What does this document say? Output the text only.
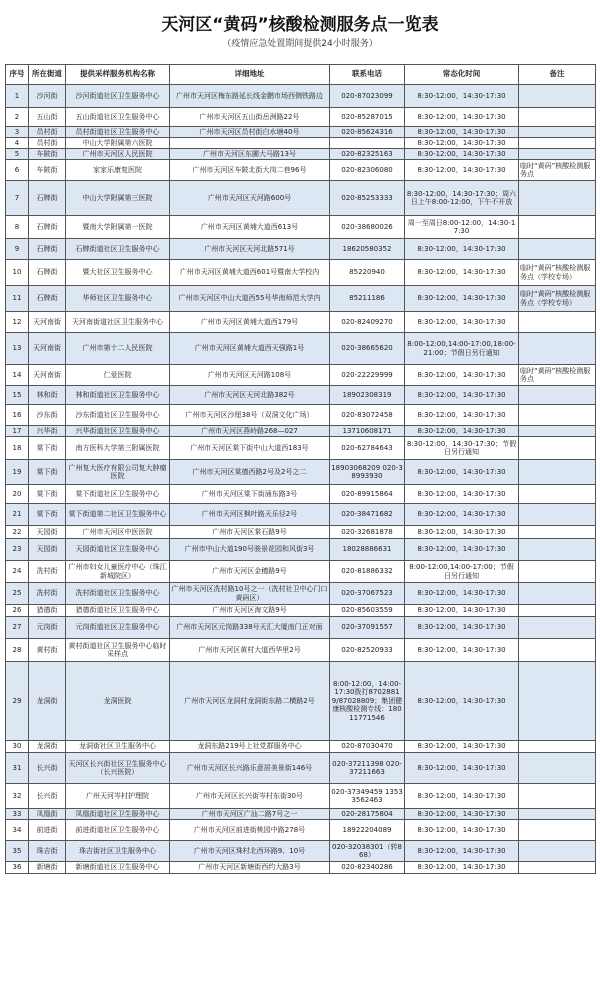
天河区“黄码”核酸检测服务点一览表
（疫情应急处置期间提供24小时服务）
序号	所在街道	提供采样服务机构名称	详细地址	联系电话	常态化时间	备注
1	沙河街	沙河街道社区卫生服务中心	广州市天河区梅东路延长线金鹏市场西侧铁路边	020-87023099	8:30-12:00，14:30-17:30	
2	五山街	五山街道社区卫生服务中心	广州市天河区五山街岳洲路22号	020-85287015	8:30-12:00，14:30-17:30	
3	员村街	员村街道社区卫生服务中心	广州市天河区员村街白水塘40号	020-85624316	8:30-12:00，14:30-17:30	
4	员村街	中山大学附属第六医院			8:30-12:00，14:30-17:30	
5	车陂街	广州市天河区人民医院	广州市天河区东圃大马路13号	020-82325163	8:30-12:00，14:30-17:30	
6	车陂街	家家乐康复医院	广州市天河区车陂北街大岗二巷96号	020-82306080	8:30-12:00，14:30-17:30	临时“黄码”核酸检测服务点
7	石牌街	中山大学附属第三医院	广州市天河区天河路600号	020-85253333	8:30-12:00，14:30-17:30；周六日上午8:00-12:00，下午不开放	
8	石牌街	暨南大学附属第一医院	广州市天河区黄埔大道西613号	020-38680026	周一至周日8:00-12:00，14:30-17:30	
9	石牌街	石牌街道社区卫生服务中心	广州市天河区天河北路571号	18620580352	8:30-12:00，14:30-17:30	
10	石牌街	暨大社区卫生服务中心	广州市天河区黄埔大道西601号暨南大学校内	85220940	8:30-12:00，14:30-17:30	临时“黄码”核酸检测服务点（学校专场）
11	石牌街	华师社区卫生服务中心	广州市天河区中山大道西55号华南师范大学内	85211186	8:30-12:00，14:30-17:30	临时“黄码”核酸检测服务点（学校专场）
12	天河南街	天河南街道社区卫生服务中心	广州市天河区黄埔大道西179号	020-82409270	8:30-12:00，14:30-17:30	
13	天河南街	广州市第十二人民医院	广州市天河区黄埔大道西天强路1号	020-38665620	8:00-12:00,14:00-17:00,18:00-21:00；节假日另行通知	
14	天河南街	仁爱医院	广州市天河区天河路108号	020-22229999	8:30-12:00，14:30-17:30	临时“黄码”核酸检测服务点
15	林和街	林和街道社区卫生服务中心	广州市天河区天河北路382号	18902308319	8:30-12:00，14:30-17:30	
16	沙东街	沙东街道社区卫生服务中心	广州市天河区沙厘38号（双洞文化广场）	020-83072458	8:30-12:00，14:30-17:30	
17	兴华街	兴华街道社区卫生服务中心	广州市天河区燕岭路268—027	13710608171	8:30-12:00，14:30-17:30	
18	棠下街	南方医科大学第三附属医院	广州市天河区棠下街中山大道西183号	020-62784643	8:30-12:00，14:30-17:30；节假日另行通知	
19	棠下街	广州复大医疗有限公司复大肿瘤医院	广州市天河区棠德西路2号及2号之二	18903068209 020-38993930	8:30-12:00，14:30-17:30	
20	棠下街	棠下街道社区卫生服务中心	广州市天河区棠下街涌东路3号	020-89915864	8:30-12:00，14:30-17:30	
21	棠下街	棠下街道第二社区卫生服务中心	广州市天河区枫叶路天乐径2号	020-38471682	8:30-12:00，14:30-17:30	
22	天园街	广州市天河区中医医院	广州市天河区棠石路9号	020-32681878	8:30-12:00，14:30-17:30	
23	天园街	天园街道社区卫生服务中心	广州市中山大道190号骏景花园和风街3号	18028886631	8:30-12:00，14:30-17:30	
24	冼村街	广州市妇女儿童医疗中心（珠江新城院区）	广州市天河区金穗路9号	020-81886332	8:00-12:00,14:00-17:00；节假日另行通知	
25	冼村街	冼村街道社区卫生服务中心	广州市天河区冼村路10号之一（冼村社卫中心门口黄码区）	020-37067523	8:30-12:00，14:30-17:30	
26	猎德街	猎德街道社区卫生服务中心	广州市天河区海文路9号	020-85603559	8:30-12:00，14:30-17:30	
27	元岗街	元岗街道社区卫生服务中心	广州市天河区元岗路338号天汇大厦南门正对面	020-37091557	8:30-12:00，14:30-17:30	
28	黄村街	黄村街道社区卫生服务中心临时采样点	广州市天河区黄村大道西华里2号	020-82520933	8:30-12:00，14:30-17:30	
29	龙洞街	龙洞医院	广州市天河区龙洞村龙洞街东路二横路2号	8:00-12:00，14:00-17:30拨打87028819/87028809；集团健康核酸检测专线：18011771546	8:30-12:00，14:30-17:30	
30	龙洞街	龙洞街社区卫生服务中心	龙洞东路219号上社党群服务中心	020-87030470	8:30-12:00，14:30-17:30	
31	长兴街	天河区长兴街社区卫生服务中心（长兴医院）	广州市天河区长兴路乐意居美景街146号	020-37211398 020-37211663	8:30-12:00，14:30-17:30	
32	长兴街	广州天河岑村护理院	广州市天河区长兴街岑村东街30号	020-37349459 13533562463	8:30-12:00，14:30-17:30	
33	凤凰街	凤凰街道社区卫生服务中心	广州市天河区广汕二路7号之一	020-28175804	8:30-12:00，14:30-17:30	
34	前进街	前进街道社区卫生服务中心	广州市天河区前进街桃园中路278号	18922204089	8:30-12:00，14:30-17:30	
35	珠吉街	珠吉街社区卫生服务中心	广州市天河区珠村北西环路9、10号	020-32038301（转868）	8:30-12:00，14:30-17:30	
36	新塘街	新塘街道社区卫生服务中心	广州市天河区新塘街西约大路3号	020-82340286	8:30-12:00，14:30-17:30	
